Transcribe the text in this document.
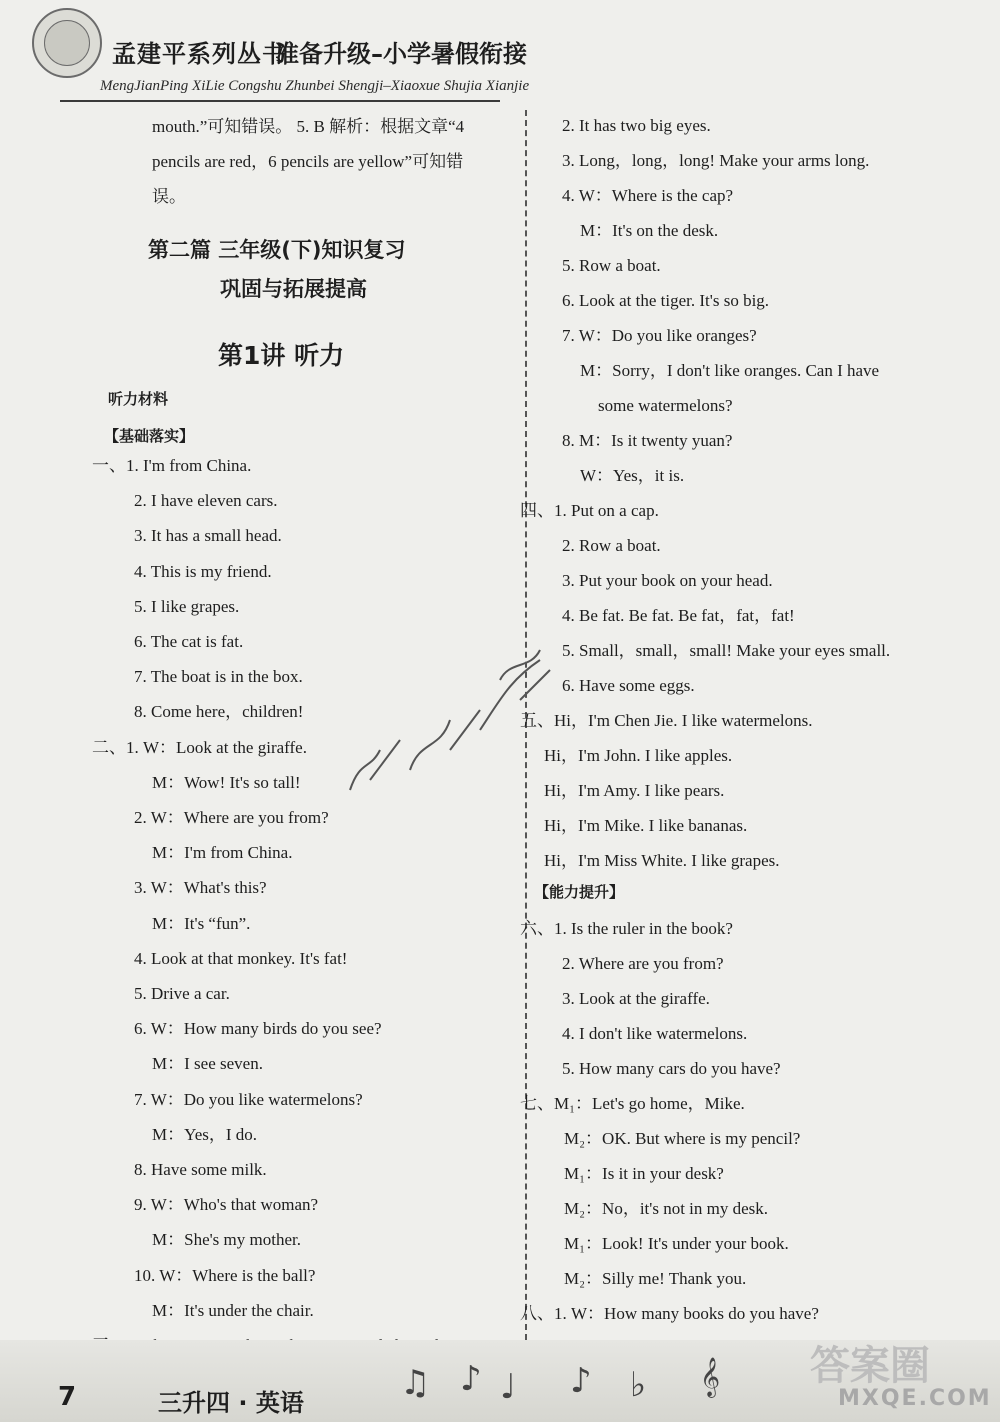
孟建平系列丛书
准备升级–小学暑假衔接
MengJianPing XiLie Congshu Zhunbei Shengji–Xiaoxue Shujia Xianjie
mouth.”可知错误。 5. B 解析：根据文章“4
pencils are red，6 pencils are yellow”可知错
误。
第二篇 三年级(下)知识复习
巩固与拓展提高
第1讲 听力
听力材料
【基础落实】
一、1. I'm from China.
2. I have eleven cars.
3. It has a small head.
4. This is my friend.
5. I like grapes.
6. The cat is fat.
7. The boat is in the box.
8. Come here，children!
二、1. W：Look at the giraffe.
M：Wow! It's so tall!
2. W：Where are you from?
M：I'm from China.
3. W：What's this?
M：It's “fun”.
4. Look at that monkey. It's fat!
5. Drive a car.
6. W：How many birds do you see?
M：I see seven.
7. W：Do you like watermelons?
M：Yes，I do.
8. Have some milk.
9. W：Who's that woman?
M：She's my mother.
10. W：Where is the ball?
M：It's under the chair.
【能力提升】
2. It has two big eyes.
3. Long，long，long! Make your arms long.
4. W：Where is the cap?
M：It's on the desk.
5. Row a boat.
6. Look at the tiger. It's so big.
7. W：Do you like oranges?
M：Sorry，I don't like oranges. Can I have
some watermelons?
8. M：Is it twenty yuan?
W：Yes，it is.
四、1. Put on a cap.
2. Row a boat.
3. Put your book on your head.
4. Be fat. Be fat. Be fat，fat，fat!
5. Small，small，small! Make your eyes small.
6. Have some eggs.
五、Hi，I'm Chen Jie. I like watermelons.
Hi，I'm John. I like apples.
Hi，I'm Amy. I like pears.
Hi，I'm Mike. I like bananas.
Hi，I'm Miss White. I like grapes.
六、1. Is the ruler in the book?
2. Where are you from?
3. Look at the giraffe.
4. I don't like watermelons.
5. How many cars do you have?
七、M₁：Let's go home，Mike.
M₂：OK. But where is my pencil?
M₁：Is it in your desk?
M₂：No，it's not in my desk.
M₁：Look! It's under your book.
M₂：Silly me! Thank you.
八、1. W：How many books do you have?
7	三升四 · 英语	♫ ♪ ♩ ♪ ♭ 𝄞 答案圈
MXQE.COM
